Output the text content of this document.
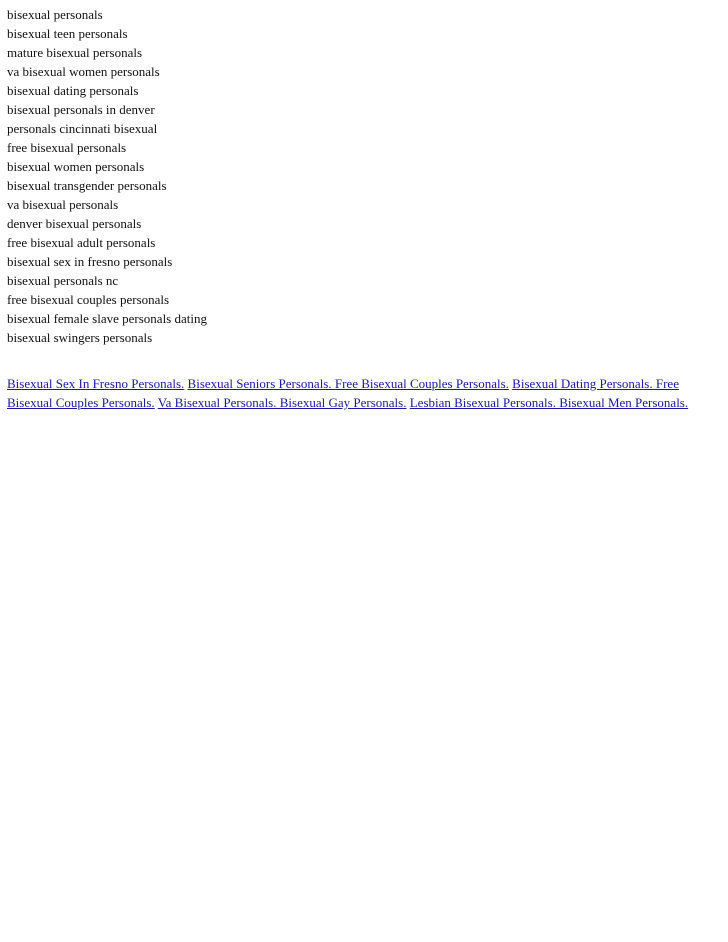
bisexual personals
bisexual teen personals
mature bisexual personals
va bisexual women personals
bisexual dating personals
bisexual personals in denver
personals cincinnati bisexual
free bisexual personals
bisexual women personals
bisexual transgender personals
va bisexual personals
denver bisexual personals
free bisexual adult personals
bisexual sex in fresno personals
bisexual personals nc
free bisexual couples personals
bisexual female slave personals dating
bisexual swingers personals
Bisexual Sex In Fresno Personals. Bisexual Seniors Personals. Free Bisexual Couples Personals. Bisexual Dating Personals. Free Bisexual Couples Personals. Va Bisexual Personals. Bisexual Gay Personals. Lesbian Bisexual Personals. Bisexual Men Personals.
